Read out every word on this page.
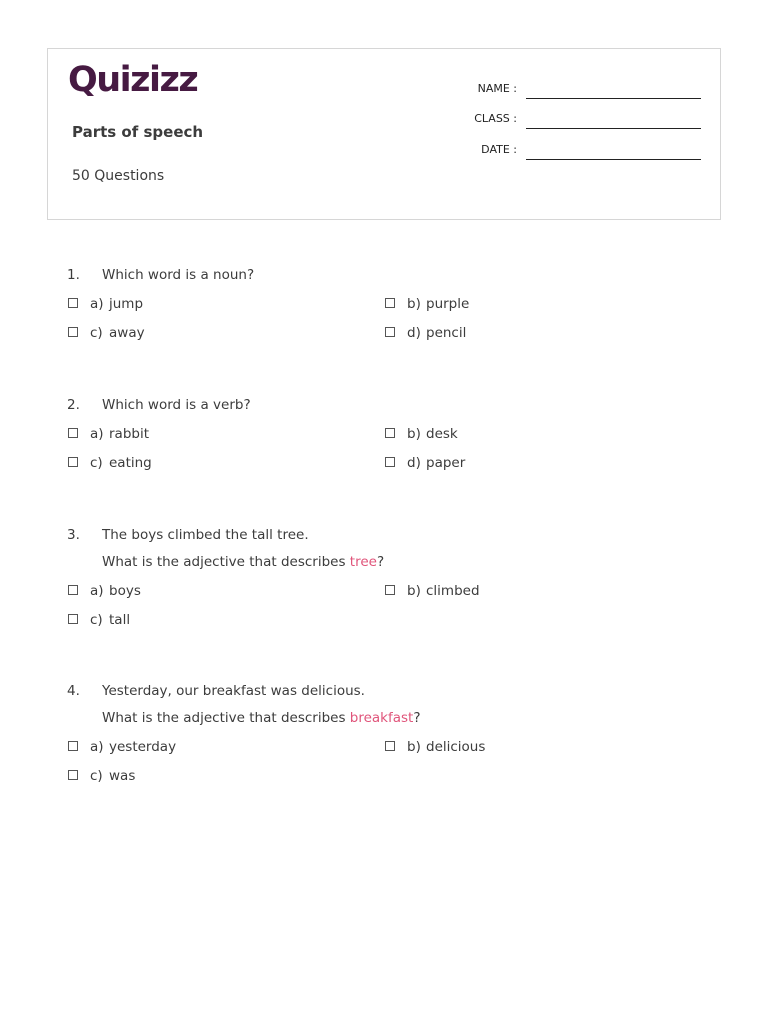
Quizizz
Parts of speech
50 Questions
NAME :
CLASS :
DATE :
1. Which word is a noun?
a) jump	b) purple
c) away	d) pencil
2. Which word is a verb?
a) rabbit	b) desk
c) eating	d) paper
3. The boys climbed the tall tree.
What is the adjective that describes tree?
a) boys	b) climbed
c) tall
4. Yesterday, our breakfast was delicious.
What is the adjective that describes breakfast?
a) yesterday	b) delicious
c) was
